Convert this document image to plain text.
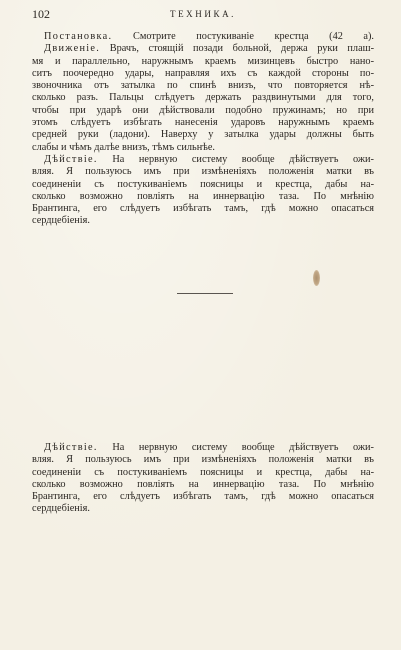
102	ТЕХНИКА.
Постановка. Смотрите постукиваніе крестца (42 а).
Движеніе. Врачъ, стоящій позади больной, держа руки плаш-
мя и параллельно, наружнымъ краемъ мизинцевъ быстро нано-
ситъ поочередно удары, направляя ихъ съ каждой стороны по-
звоночника отъ затылка по спинѣ внизъ, что повторяется нѣ-
сколько разъ. Пальцы слѣдуетъ держать раздвинутыми для того,
чтобы при ударѣ они дѣйствовали подобно пружинамъ; но при
этомъ слѣдуетъ избѣгать нанесенія ударовъ наружнымъ краемъ
средней руки (ладони). Наверху у затылка удары должны быть
слабы и чѣмъ далѣе внизъ, тѣмъ сильнѣе.
Дѣйствіе. На нервную систему вообще дѣйствуетъ ожи-
вляя. Я пользуюсь имъ при измѣненіяхъ положенія матки въ
соединеніи съ постукиваніемъ поясницы и крестца, дабы на-
сколько возможно повліять на иннервацію таза. По мнѣнію
Брантинга, его слѣдуетъ избѣгать тамъ, гдѣ можно опасаться
сердцебіенія.
Дѣйствіе. На нервную систему вообще дѣйствуетъ ожи-
вляя. Я пользуюсь имъ при измѣненіяхъ положенія матки въ
соединеніи съ постукиваніемъ поясницы и крестца, дабы на-
сколько возможно повліять на иннервацію таза. По мнѣнію
Брантинга, его слѣдуетъ избѣгать тамъ, гдѣ можно опасаться
сердцебіенія.
